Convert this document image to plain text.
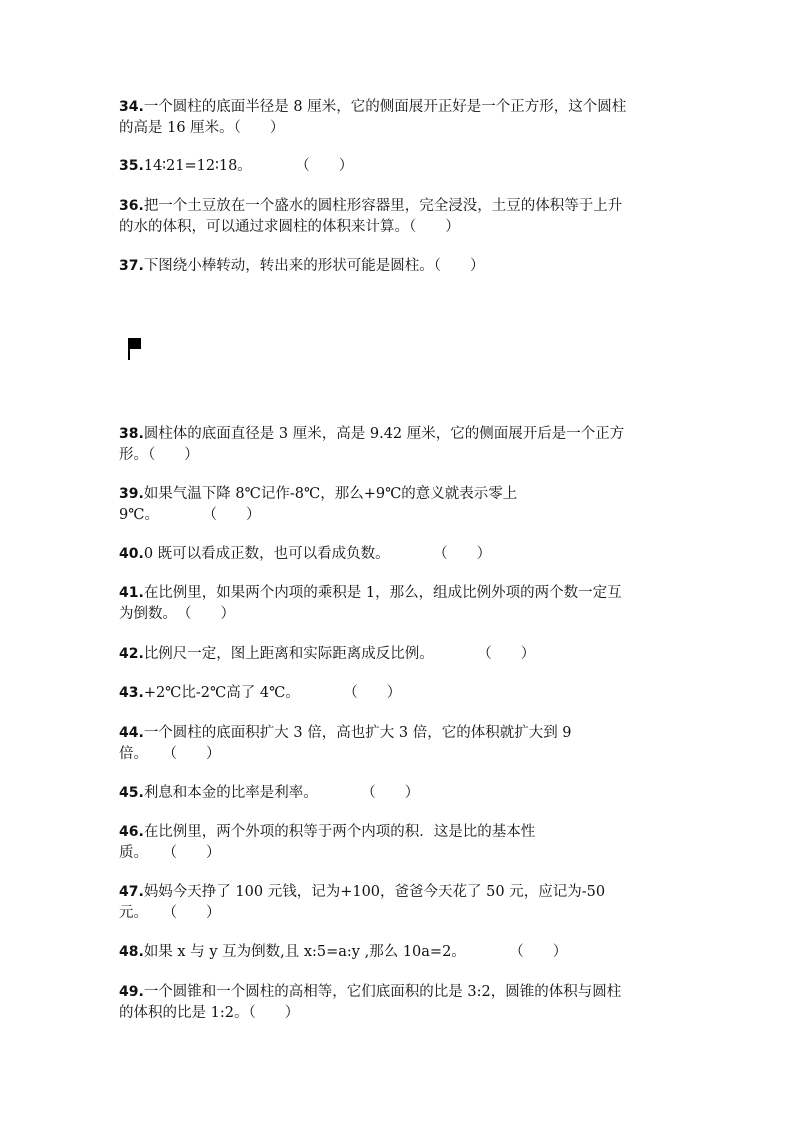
34.一个圆柱的底面半径是 8 厘米，它的侧面展开正好是一个正方形，这个圆柱
的高是 16 厘米。（　　）
35.14∶21=12∶18。　　　　（　　）
36.把一个土豆放在一个盛水的圆柱形容器里，完全浸没，土豆的体积等于上升
的水的体积，可以通过求圆柱的体积来计算。（　　）
37.下图绕小棒转动，转出来的形状可能是圆柱。（　　）
38.圆柱体的底面直径是 3 厘米，高是 9.42 厘米，它的侧面展开后是一个正方
形。（　　）
39.如果气温下降 8℃记作-8℃，那么+9℃的意义就表示零上
9℃。　　　　（　　）
40.0 既可以看成正数，也可以看成负数。　　　　（　　）
41.在比例里，如果两个内项的乘积是 1，那么，组成比例外项的两个数一定互
为倒数。　（　　）
42.比例尺一定，图上距离和实际距离成反比例。　　　　（　　）
43.+2℃比-2℃高了 4℃。　　　　（　　）
44.一个圆柱的底面积扩大 3 倍，高也扩大 3 倍，它的体积就扩大到 9
倍。　　（　　）
45.利息和本金的比率是利率。　　　　（　　）
46.在比例里，两个外项的积等于两个内项的积．这是比的基本性
质。　　（　　）
47.妈妈今天挣了 100 元钱，记为+100，爸爸今天花了 50 元，应记为-50
元。　　（　　）
48.如果 x 与 y 互为倒数,且 x:5=a:y ,那么 10a=2。　　　　（　　）
49.一个圆锥和一个圆柱的高相等，它们底面积的比是 3:2，圆锥的体积与圆柱
的体积的比是 1:2。（　　）
